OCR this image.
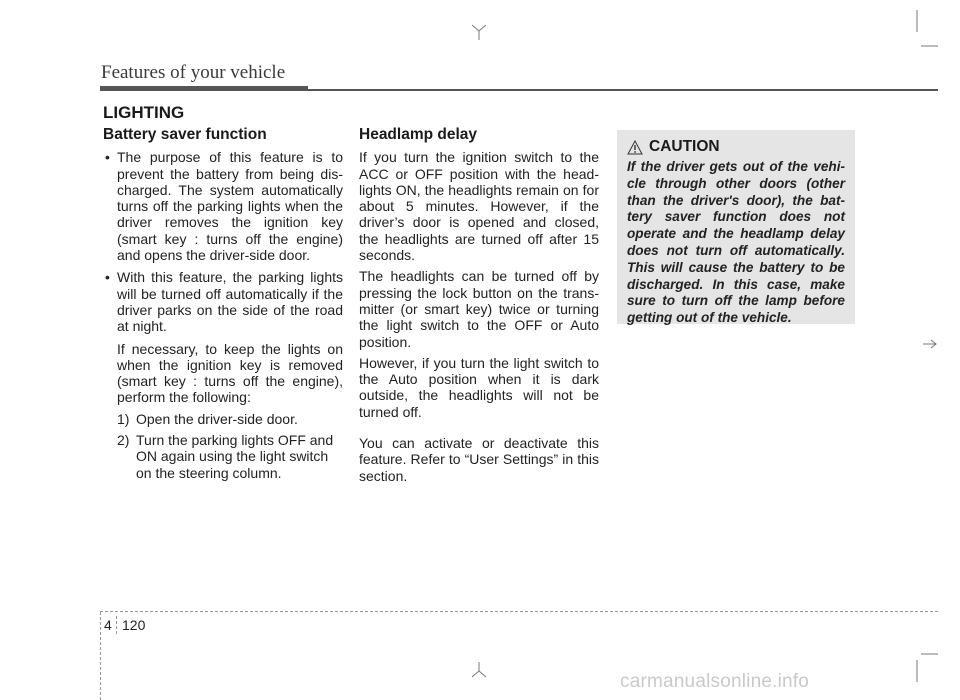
Features of your vehicle
LIGHTING
Battery saver function
• The purpose of this feature is to prevent the battery from being dis-charged. The system automatically turns off the parking lights when the driver removes the ignition key (smart key : turns off the engine) and opens the driver-side door.
• With this feature, the parking lights will be turned off automatically if the driver parks on the side of the road at night.

If necessary, to keep the lights on when the ignition key is removed (smart key : turns off the engine), perform the following:

1) Open the driver-side door.
2) Turn the parking lights OFF and ON again using the light switch on the steering column.
Headlamp delay

If you turn the ignition switch to the ACC or OFF position with the head-lights ON, the headlights remain on for about 5 minutes. However, if the driver’s door is opened and closed, the headlights are turned off after 15 seconds.

The headlights can be turned off by pressing the lock button on the trans-mitter (or smart key) twice or turning the light switch to the OFF or Auto position.

However, if you turn the light switch to the Auto position when it is dark outside, the headlights will not be turned off.

You can activate or deactivate this feature. Refer to “User Settings” in this section.

CAUTION
If the driver gets out of the vehi-cle through other doors (other than the driver's door), the bat-tery saver function does not operate and the headlamp delay does not turn off automatically. This will cause the battery to be discharged. In this case, make sure to turn off the lamp before getting out of the vehicle.
4 120
carmanualsonline.info
